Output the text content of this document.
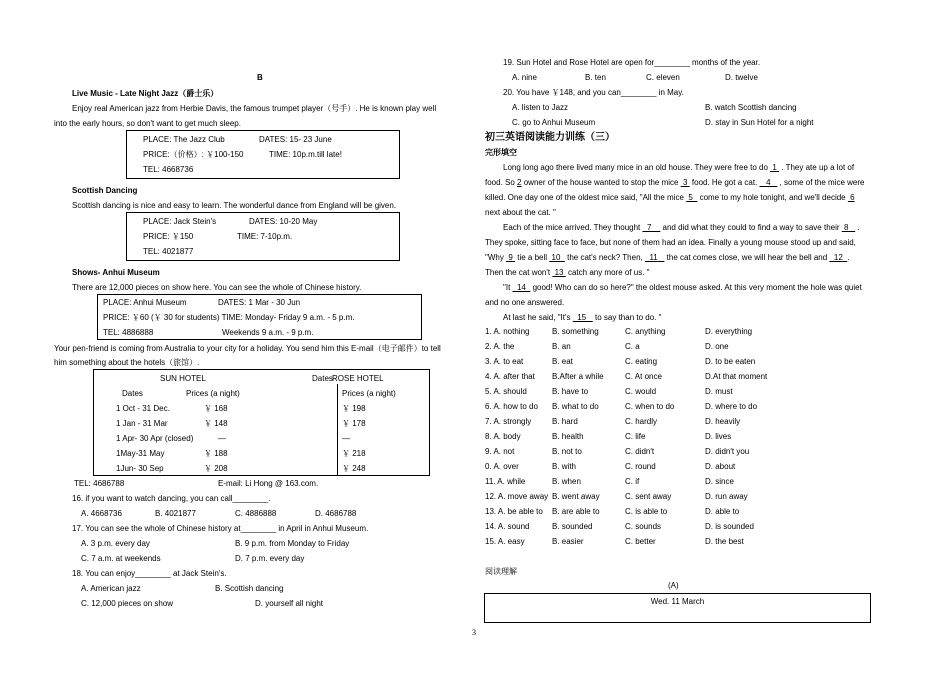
B
Live Music - Late Night Jazz（爵士乐）
Enjoy real American jazz from Herbie Davis, the famous trumpet player（号手）. He is known play well
into the early hours, so don't want to get much sleep.
PLACE: The Jazz Club	DATES: 15- 23 June
PRICE:（价格）: ￥100-150	TIME: 10p.m.till late!
TEL: 4668736
Scottish Dancing
Scottish dancing is nice and easy to learn. The wonderful dance from England will be given.
PLACE: Jack Stein's	DATES: 10-20 May
PRICE: ￥150	TIME: 7-10p.m.
TEL: 4021877
Shows- Anhui Museum
There are 12,000 pieces on show here. You can see the whole of Chinese history.
PLACE: Anhui Museum	DATES: 1 Mar - 30 Jun
PRICE: ￥60 (￥ 30 for students) TIME: Monday- Friday 9 a.m. - 5 p.m.
TEL: 4886888	Weekends 9 a.m. - 9 p.m.
Your pen-friend is coming from Australia to your city for a holiday. You send him this E-mail（电子邮件）to tell
him something about the hotels（旅馆）.
SUN HOTEL	Dates ROSE HOTEL
Dates	Prices (a night)	Prices (a night)
1 Oct - 31 Dec.	￥ 168	￥ 198
1 Jan - 31 Mar	￥ 148	￥ 178
1 Apr- 30 Apr (closed)	—	—
1May-31 May	￥ 188	￥ 218
1Jun- 30 Sep	￥ 208	￥ 248
TEL: 4686788	E-mail: Li Hong @ 163.com.
16. if you want to watch dancing, you can call________.
A. 4668736	B. 4021877	C. 4886888	D. 4686788
17. You can see the whole of Chinese history at________ in April in Anhui Museum.
A. 3 p.m. every day	B. 9 p.m. from Monday to Friday
C. 7 a.m. at weekends	D. 7 p.m. every day
18. You can enjoy________ at Jack Stein's.
A. American jazz	B. Scottish dancing
C. 12,000 pieces on show	D. yourself all night
19. Sun Hotel and Rose Hotel are open for________ months of the year.
A. nine	B. ten	C. eleven	D. twelve
20. You have ￥148, and you can________ in May.
A. listen to Jazz	B. watch Scottish dancing
C. go to Anhui Museum	D. stay in Sun Hotel for a night
初三英语阅读能力训练（三）
完形填空
Long long ago there lived many mice in an old house. They were free to do 1 . They ate up a lot of
food. So 2 owner of the house wanted to stop the mice 3 food. He got a cat. 4 , some of the mice were
killed. One day one of the oldest mice said, "All the mice 5 come to my hole tonight, and we'll decide 6
next about the cat. "
Each of the mice arrived. They thought 7 and did what they could to find a way to save their 8 .
They spoke, sitting face to face, but none of them had an idea. Finally a young mouse stood up and said,
"Why 9 tie a bell 10 the cat's neck? Then, 11 the cat comes close, we will hear the bell and 12 .
Then the cat won't 13 catch any more of us. "
"It 14 good! Who can do so here?" the oldest mouse asked. At this very moment the hole was quiet
and no one answered.
At last he said, "It's 15 to say than to do. "
1. A. nothing	B. something	C. anything	D. everything
2. A. the	B. an	C. a	D. one
3. A. to eat	B. eat	C. eating	D. to be eaten
4. A. after that B.After a while	C. At once	D.At that moment
5. A. should	B. have to	C. would	D. must
6. A. how to do B. what to do	C. when to do	D. where to do
7. A. strongly	B. hard	C. hardly	D. heavily
8. A. body	B. health	C. life	D. lives
9. A. not	B. not to	C. didn't	D. didn't you
0. A. over	B. with	C. round	D. about
11. A. while	B. when	C. if	D. since
12. A. move away B. went away	C. sent away	D. run away
13. A. be able to B. are able to	C. is able to	D. able to
14. A. sound	B. sounded	C. sounds	D. is sounded
15. A. easy	B. easier	C. better	D. the best
阅读理解
(A)
Wed. 11 March
3
